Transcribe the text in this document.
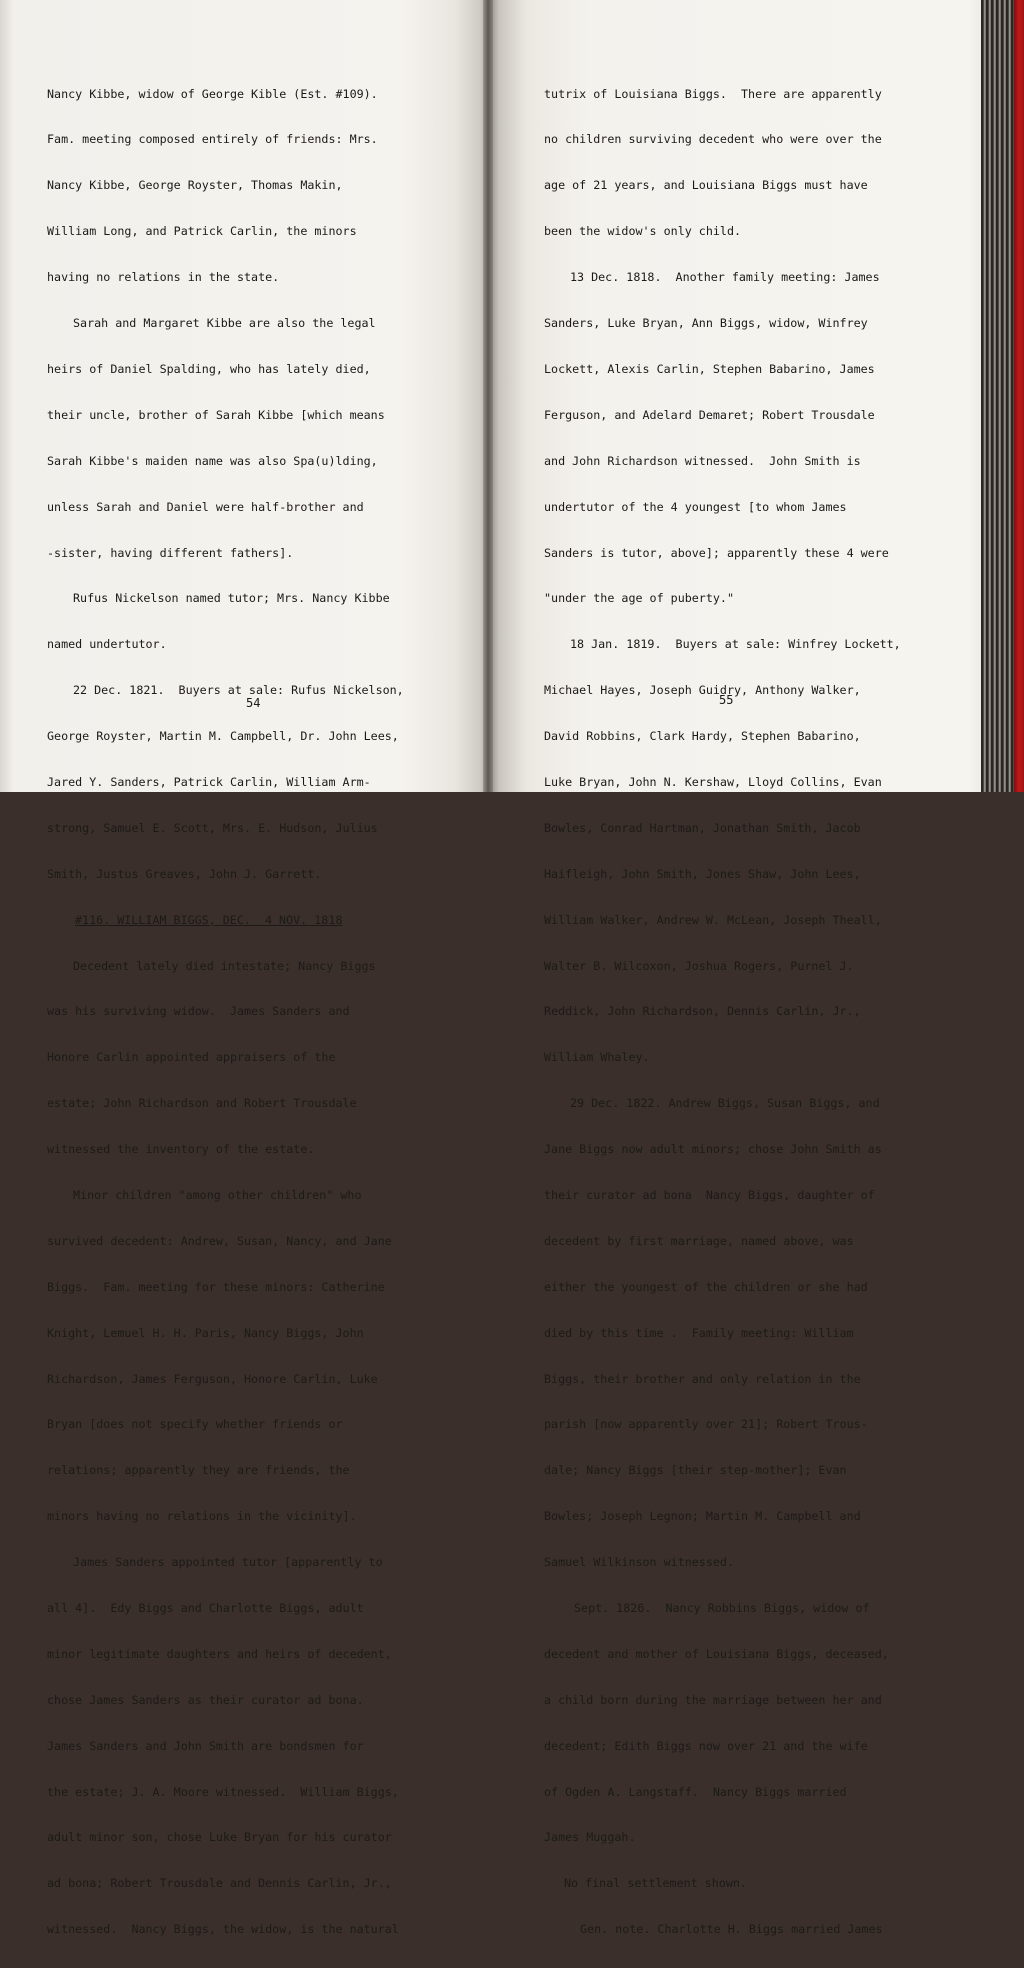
Nancy Kibbe, widow of George Kible (Est. #109).

Fam. meeting composed entirely of friends: Mrs.

Nancy Kibbe, George Royster, Thomas Makin,

William Long, and Patrick Carlin, the minors

having no relations in the state.

Sarah and Margaret Kibbe are also the legal

heirs of Daniel Spalding, who has lately died,

their uncle, brother of Sarah Kibbe [which means

Sarah Kibbe's maiden name was also Spa(u)lding,

unless Sarah and Daniel were half-brother and

-sister, having different fathers].

Rufus Nickelson named tutor; Mrs. Nancy Kibbe

named undertutor.

22 Dec. 1821.  Buyers at sale: Rufus Nickelson,

George Royster, Martin M. Campbell, Dr. John Lees,

Jared Y. Sanders, Patrick Carlin, William Arm-

strong, Samuel E. Scott, Mrs. E. Hudson, Julius

Smith, Justus Greaves, John J. Garrett.

#116. WILLIAM BIGGS, DEC.  4 NOV. 1818

Decedent lately died intestate; Nancy Biggs

was his surviving widow.  James Sanders and

Honore Carlin appointed appraisers of the

estate; John Richardson and Robert Trousdale

witnessed the inventory of the estate.

Minor children "among other children" who

survived decedent: Andrew, Susan, Nancy, and Jane

Biggs.  Fam. meeting for these minors: Catherine

Knight, Lemuel H. H. Paris, Nancy Biggs, John

Richardson, James Ferguson, Honore Carlin, Luke

Bryan [does not specify whether friends or

relations; apparently they are friends, the

minors having no relations in the vicinity].

James Sanders appointed tutor [apparently to

all 4].  Edy Biggs and Charlotte Biggs, adult

minor legitimate daughters and heirs of decedent,

chose James Sanders as their curator ad bona.

James Sanders and John Smith are bondsmen for

the estate; J. A. Moore witnessed.  William Biggs,

adult minor son, chose Luke Bryan for his curator

ad bona; Robert Trousdale and Dennis Carlin, Jr.,

witnessed.  Nancy Biggs, the widow, is the natural

54

tutrix of Louisiana Biggs.  There are apparently

no children surviving decedent who were over the

age of 21 years, and Louisiana Biggs must have

been the widow's only child.

13 Dec. 1818.  Another family meeting: James

Sanders, Luke Bryan, Ann Biggs, widow, Winfrey

Lockett, Alexis Carlin, Stephen Babarino, James

Ferguson, and Adelard Demaret; Robert Trousdale

and John Richardson witnessed.  John Smith is

undertutor of the 4 youngest [to whom James

Sanders is tutor, above]; apparently these 4 were

"under the age of puberty."

18 Jan. 1819.  Buyers at sale: Winfrey Lockett,

Michael Hayes, Joseph Guidry, Anthony Walker,

David Robbins, Clark Hardy, Stephen Babarino,

Luke Bryan, John N. Kershaw, Lloyd Collins, Evan

Bowles, Conrad Hartman, Jonathan Smith, Jacob

Haifleigh, John Smith, Jones Shaw, John Lees,

William Walker, Andrew W. McLean, Joseph Theall,

Walter B. Wilcoxon, Joshua Rogers, Purnel J.

Reddick, John Richardson, Dennis Carlin, Jr.,

William Whaley.

29 Dec. 1822. Andrew Biggs, Susan Biggs, and

Jane Biggs now adult minors; chose John Smith as

their curator ad bona  Nancy Biggs, daughter of

decedent by first marriage, named above, was

either the youngest of the children or she had

died by this time .  Family meeting: William

Biggs, their brother and only relation in the

parish [now apparently over 21]; Robert Trous-

dale; Nancy Biggs [their step-mother]; Evan

Bowles; Joseph Legnon; Martin M. Campbell and

Samuel Wilkinson witnessed.

Sept. 1826.  Nancy Robbins Biggs, widow of

decedent and mother of Louisiana Biggs, deceased,

a child born during the marriage between her and

decedent; Edith Biggs now over 21 and the wife

of Ogden A. Langstaff.  Nancy Biggs married

James Muggah.

No final settlement shown.

Gen. note. Charlotte H. Biggs married James

55
